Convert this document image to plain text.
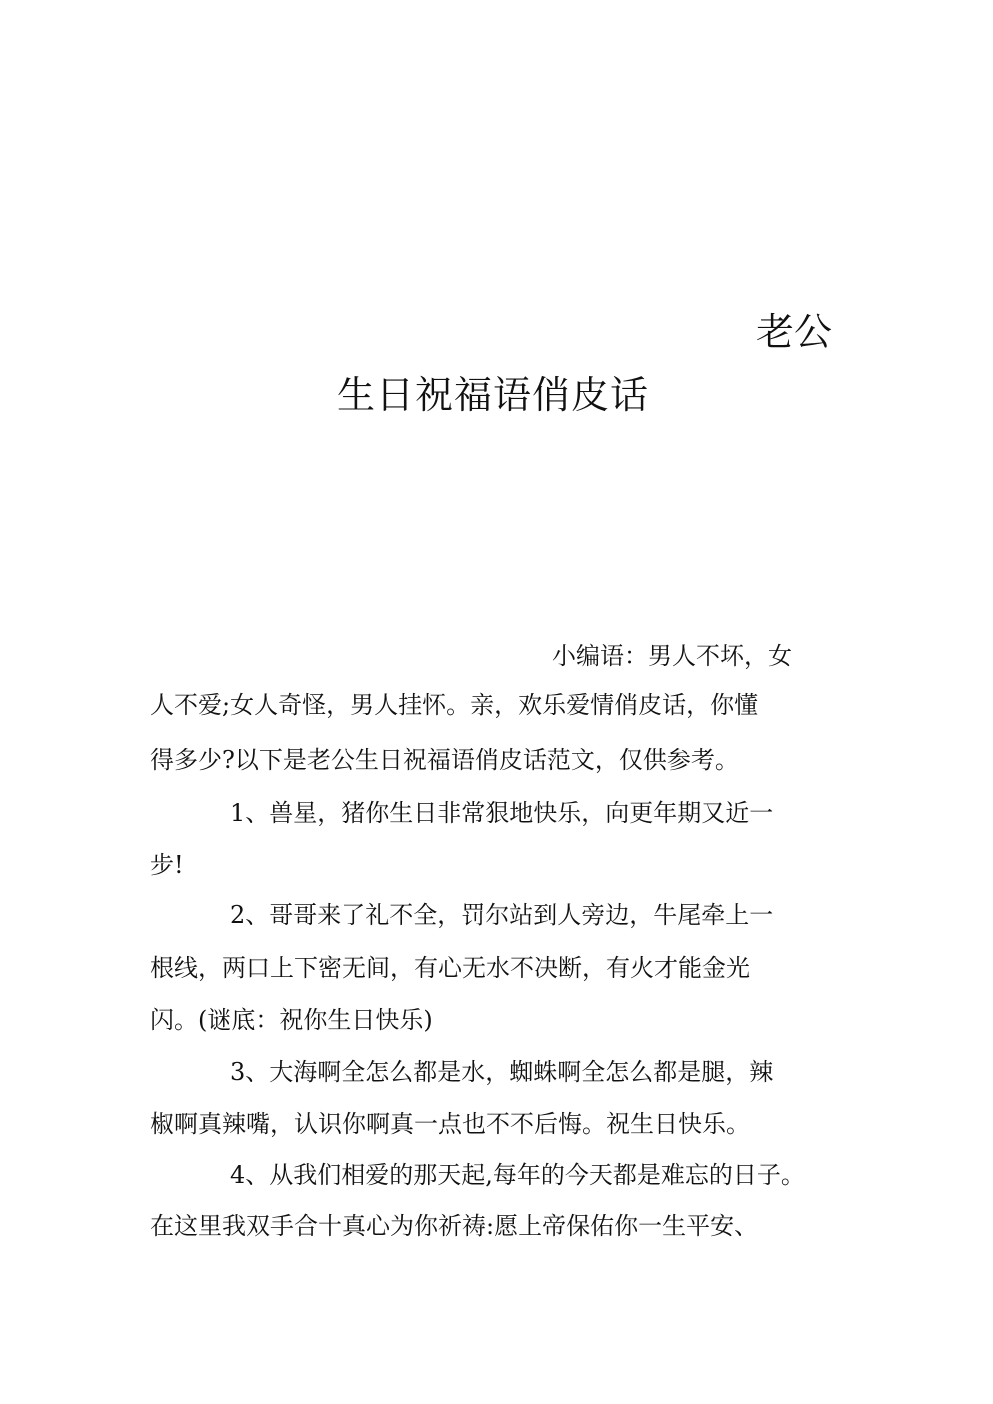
老公
生日祝福语俏皮话
小编语：男人不坏，女
人不爱;女人奇怪，男人挂怀。亲，欢乐爱情俏皮话，你懂
得多少?以下是老公生日祝福语俏皮话范文，仅供参考。
1、兽星，猪你生日非常狠地快乐，向更年期又近一
步!
2、哥哥来了礼不全，罚尔站到人旁边，牛尾牵上一
根线，两口上下密无间，有心无水不决断，有火才能金光
闪。(谜底：祝你生日快乐)
3、大海啊全怎么都是水，蜘蛛啊全怎么都是腿，辣
椒啊真辣嘴，认识你啊真一点也不不后悔。祝生日快乐。
4、从我们相爱的那天起,每年的今天都是难忘的日子。
在这里我双手合十真心为你祈祷:愿上帝保佑你一生平安、
